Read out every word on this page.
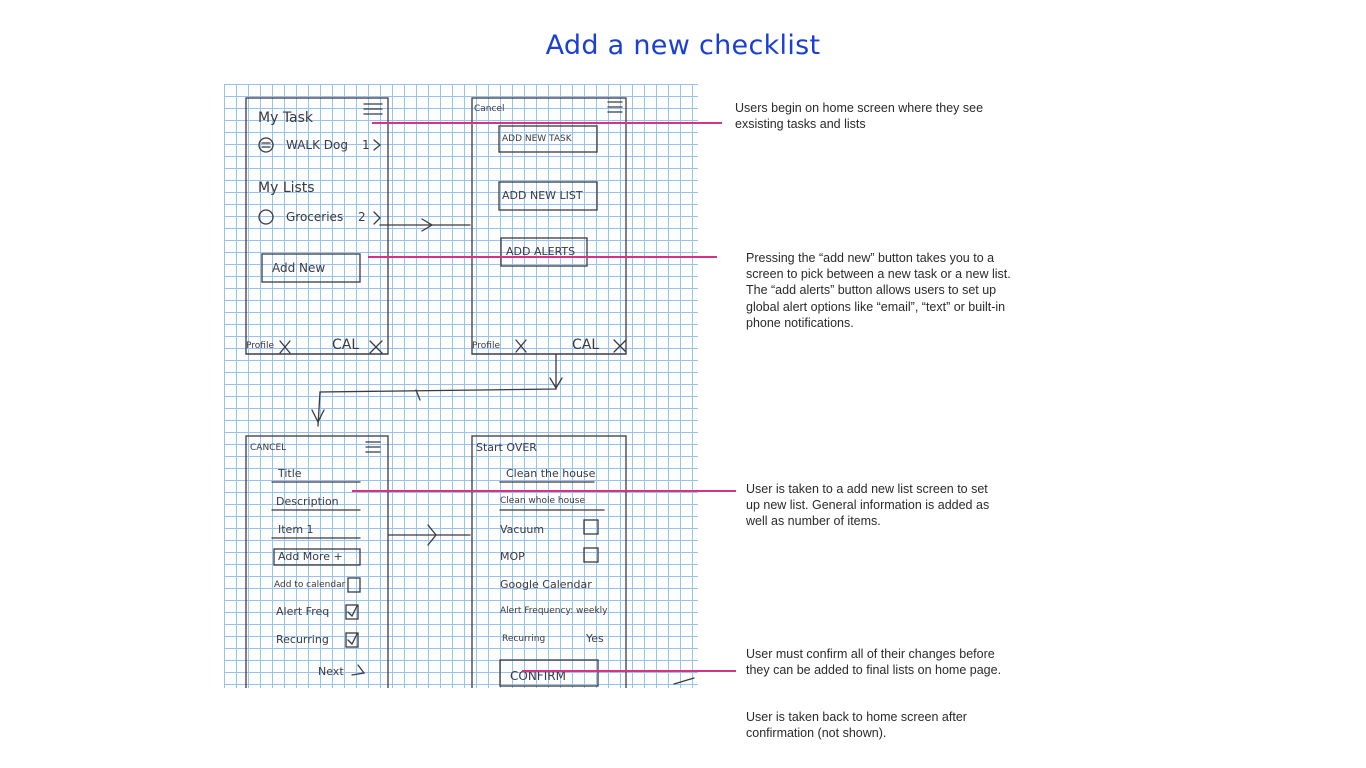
Add a new checklist
My Task
WALK Dog 1
My Lists
Groceries 2
Add New
Profile	CAL
Cancel
ADD NEW TASK
ADD NEW LIST
ADD ALERTS
Profile	CAL
CANCEL
Title
Description
Item 1
Add More +
Add to calendar
Alert Freq
Recurring
Next
Start OVER
Clean the house
Clean whole house
Vacuum
MOP
Google Calendar
Alert Frequency: weekly
Recurring	Yes
CONFIRM
Users begin on home screen where they see
exsisting tasks and lists
Pressing the “add new” button takes you to a
screen to pick between a new task or a new list.
The “add alerts” button allows users to set up
global alert options like “email”, “text” or built-in
phone notifications.
User is taken to a add new list screen to set
up new list. General information is added as
well as number of items.
User must confirm all of their changes before
they can be added to final lists on home page.
User is taken back to home screen after
confirmation (not shown).
